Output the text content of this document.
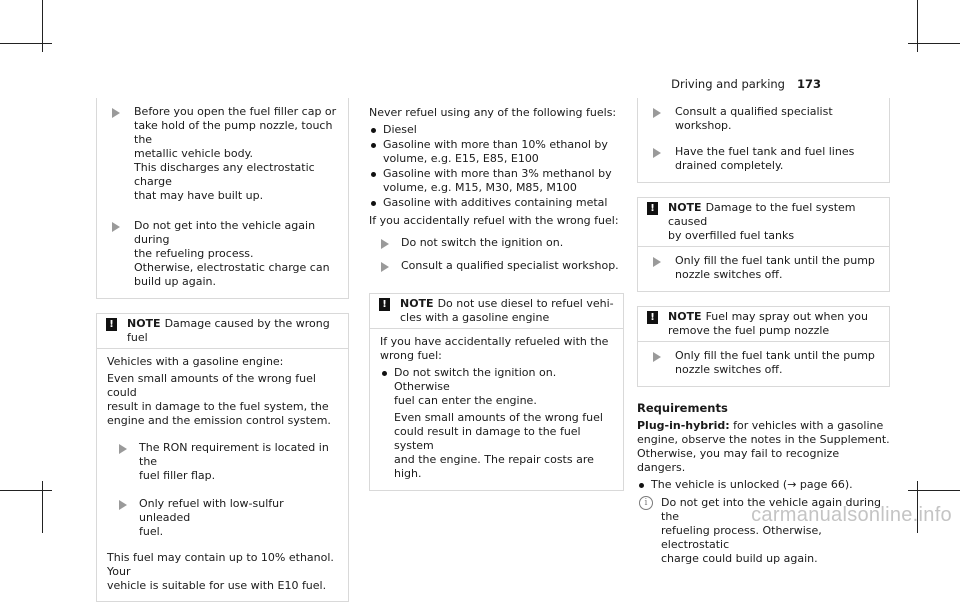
Driving and parking 173
Before you open the fuel filler cap or
take hold of the pump nozzle, touch the
metallic vehicle body.
This discharges any electrostatic charge
that may have built up.
Do not get into the vehicle again during
the refueling process.
Otherwise, electrostatic charge can
build up again.
! NOTE Damage caused by the wrong fuel

Vehicles with a gasoline engine:

Even small amounts of the wrong fuel could
result in damage to the fuel system, the
engine and the emission control system.
The RON requirement is located in the
fuel filler flap.
Only refuel with low-sulfur unleaded
fuel.
This fuel may contain up to 10% ethanol. Your
vehicle is suitable for use with E10 fuel.

Never refuel using any of the following fuels:

Diesel
Gasoline with more than 10% ethanol by
volume, e.g. E15, E85, E100
Gasoline with more than 3% methanol by
volume, e.g. M15, M30, M85, M100
Gasoline with additives containing metal

If you accidentally refuel with the wrong fuel:

Do not switch the ignition on.
Consult a qualified specialist workshop.
! NOTE Do not use diesel to refuel vehi-
cles with a gasoline engine
If you have accidentally refueled with the
wrong fuel:
Do not switch the ignition on. Otherwise
fuel can enter the engine.
Even small amounts of the wrong fuel
could result in damage to the fuel system
and the engine. The repair costs are high.
Consult a qualified specialist workshop.
Have the fuel tank and fuel lines
drained completely.
! NOTE Damage to the fuel system caused
by overfilled fuel tanks
Only fill the fuel tank until the pump
nozzle switches off.
! NOTE Fuel may spray out when you
remove the fuel pump nozzle
Only fill the fuel tank until the pump
nozzle switches off.
Requirements
Plug-in-hybrid: for vehicles with a gasoline
engine, observe the notes in the Supplement.
Otherwise, you may fail to recognize dangers.
The vehicle is unlocked (→ page 66).
i	Do not get into the vehicle again during the
refueling process. Otherwise, electrostatic
charge could build up again.
carmanualsonline.info
